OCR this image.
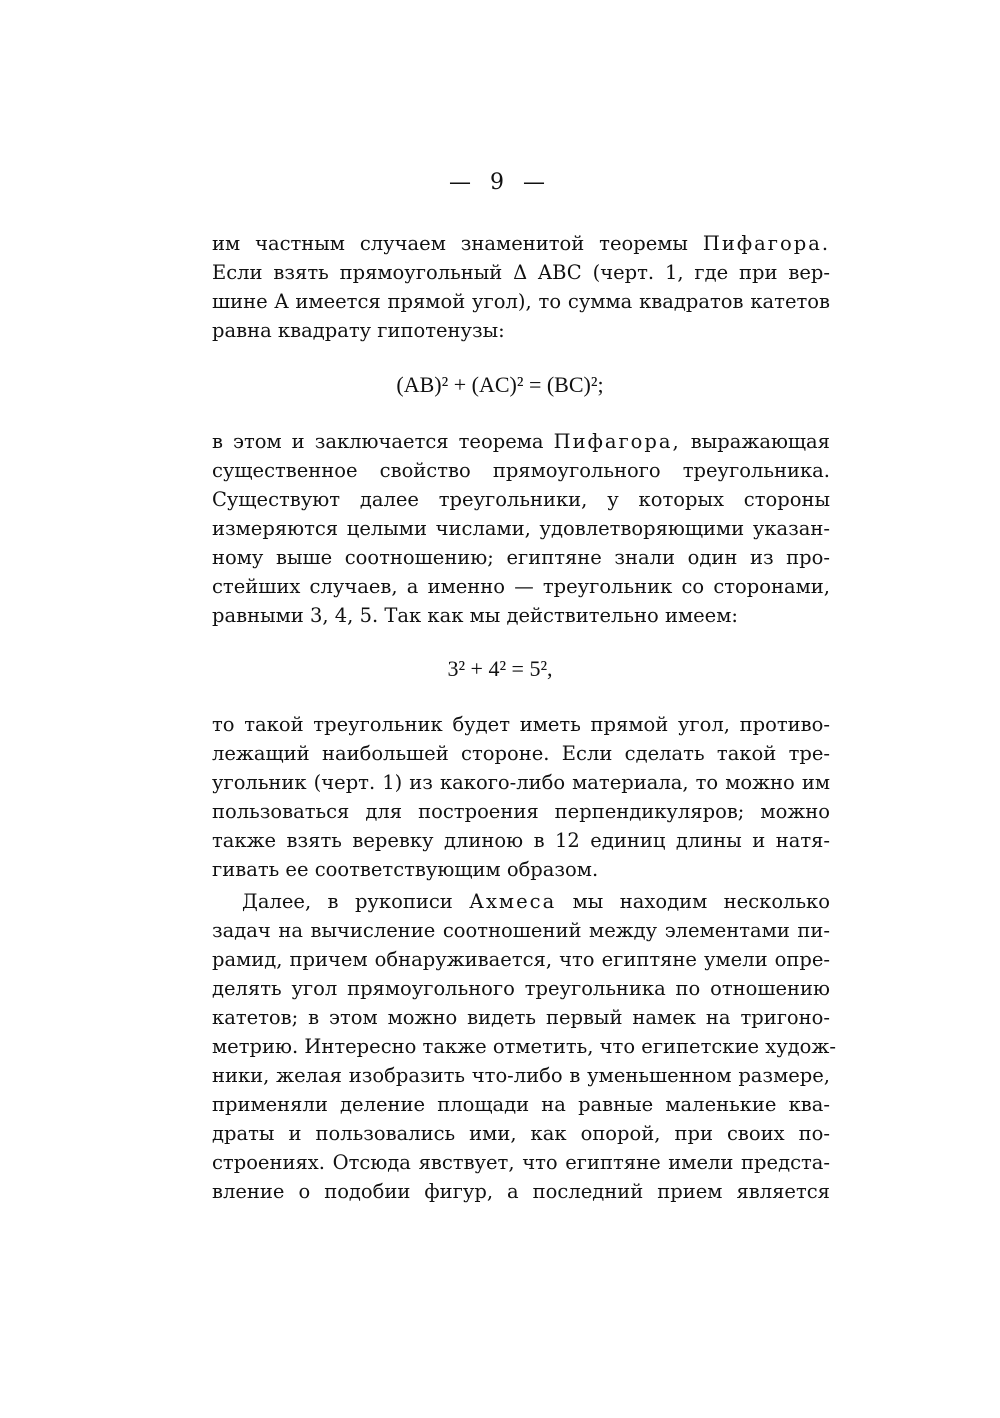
— 9 —
им частным случаем знаменитой теоремы Пифагора.
Если взять прямоугольный Δ ABC (черт. 1, где при вер-
шине A имеется прямой угол), то сумма квадратов катетов
равна квадрату гипотенузы:
(AB)² + (AC)² = (BC)²;
в этом и заключается теорема Пифагора, выражающая
существенное свойство прямоугольного треугольника.
Существуют далее треугольники, у которых стороны
измеряются целыми числами, удовлетворяющими указан-
ному выше соотношению; египтяне знали один из про-
стейших случаев, а именно — треугольник со сторонами,
равными 3, 4, 5. Так как мы действительно имеем:
3² + 4² = 5²,
то такой треугольник будет иметь прямой угол, противо-
лежащий наибольшей стороне. Если сделать такой тре-
угольник (черт. 1) из какого-либо материала, то можно им
пользоваться для построения перпендикуляров; можно
также взять веревку длиною в 12 единиц длины и натя-
гивать ее соответствующим образом.
Далее, в рукописи Ахмеса мы находим несколько
задач на вычисление соотношений между элементами пи-
рамид, причем обнаруживается, что египтяне умели опре-
делять угол прямоугольного треугольника по отношению
катетов; в этом можно видеть первый намек на тригоно-
метрию. Интересно также отметить, что египетские худож-
ники, желая изобразить что-либо в уменьшенном размере,
применяли деление площади на равные маленькие ква-
драты и пользовались ими, как опорой, при своих по-
строениях. Отсюда явствует, что египтяне имели предста-
вление о подобии фигур, а последний прием является
